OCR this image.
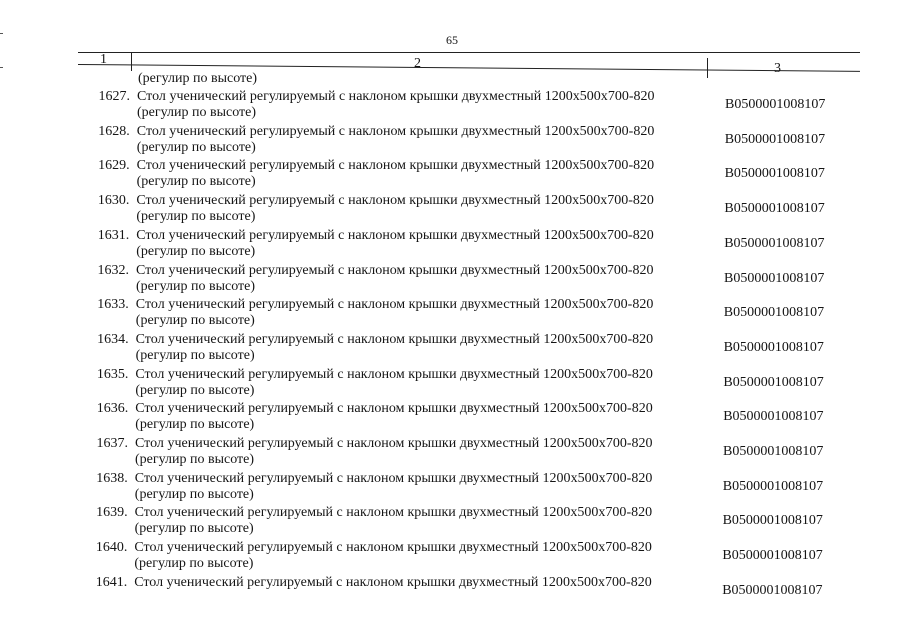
65
1	2	3
(регулир по высоте)
1627. Стол ученический регулируемый с наклоном крышки двухместный 1200x500x700-820
(регулир по высоте)
B0500001008107
1628. Стол ученический регулируемый с наклоном крышки двухместный 1200x500x700-820
(регулир по высоте)
B0500001008107
1629. Стол ученический регулируемый с наклоном крышки двухместный 1200x500x700-820
(регулир по высоте)
B0500001008107
1630. Стол ученический регулируемый с наклоном крышки двухместный 1200x500x700-820
(регулир по высоте)
B0500001008107
1631. Стол ученический регулируемый с наклоном крышки двухместный 1200x500x700-820
(регулир по высоте)
B0500001008107
1632. Стол ученический регулируемый с наклоном крышки двухместный 1200x500x700-820
(регулир по высоте)
B0500001008107
1633. Стол ученический регулируемый с наклоном крышки двухместный 1200x500x700-820
(регулир по высоте)
B0500001008107
1634. Стол ученический регулируемый с наклоном крышки двухместный 1200x500x700-820
(регулир по высоте)
B0500001008107
1635. Стол ученический регулируемый с наклоном крышки двухместный 1200x500x700-820
(регулир по высоте)
B0500001008107
1636. Стол ученический регулируемый с наклоном крышки двухместный 1200x500x700-820
(регулир по высоте)
B0500001008107
1637. Стол ученический регулируемый с наклоном крышки двухместный 1200x500x700-820
(регулир по высоте)
B0500001008107
1638. Стол ученический регулируемый с наклоном крышки двухместный 1200x500x700-820
(регулир по высоте)
B0500001008107
1639. Стол ученический регулируемый с наклоном крышки двухместный 1200x500x700-820
(регулир по высоте)
B0500001008107
1640. Стол ученический регулируемый с наклоном крышки двухместный 1200x500x700-820
(регулир по высоте)
B0500001008107
1641. Стол ученический регулируемый с наклоном крышки двухместный 1200x500x700-820
B0500001008107
